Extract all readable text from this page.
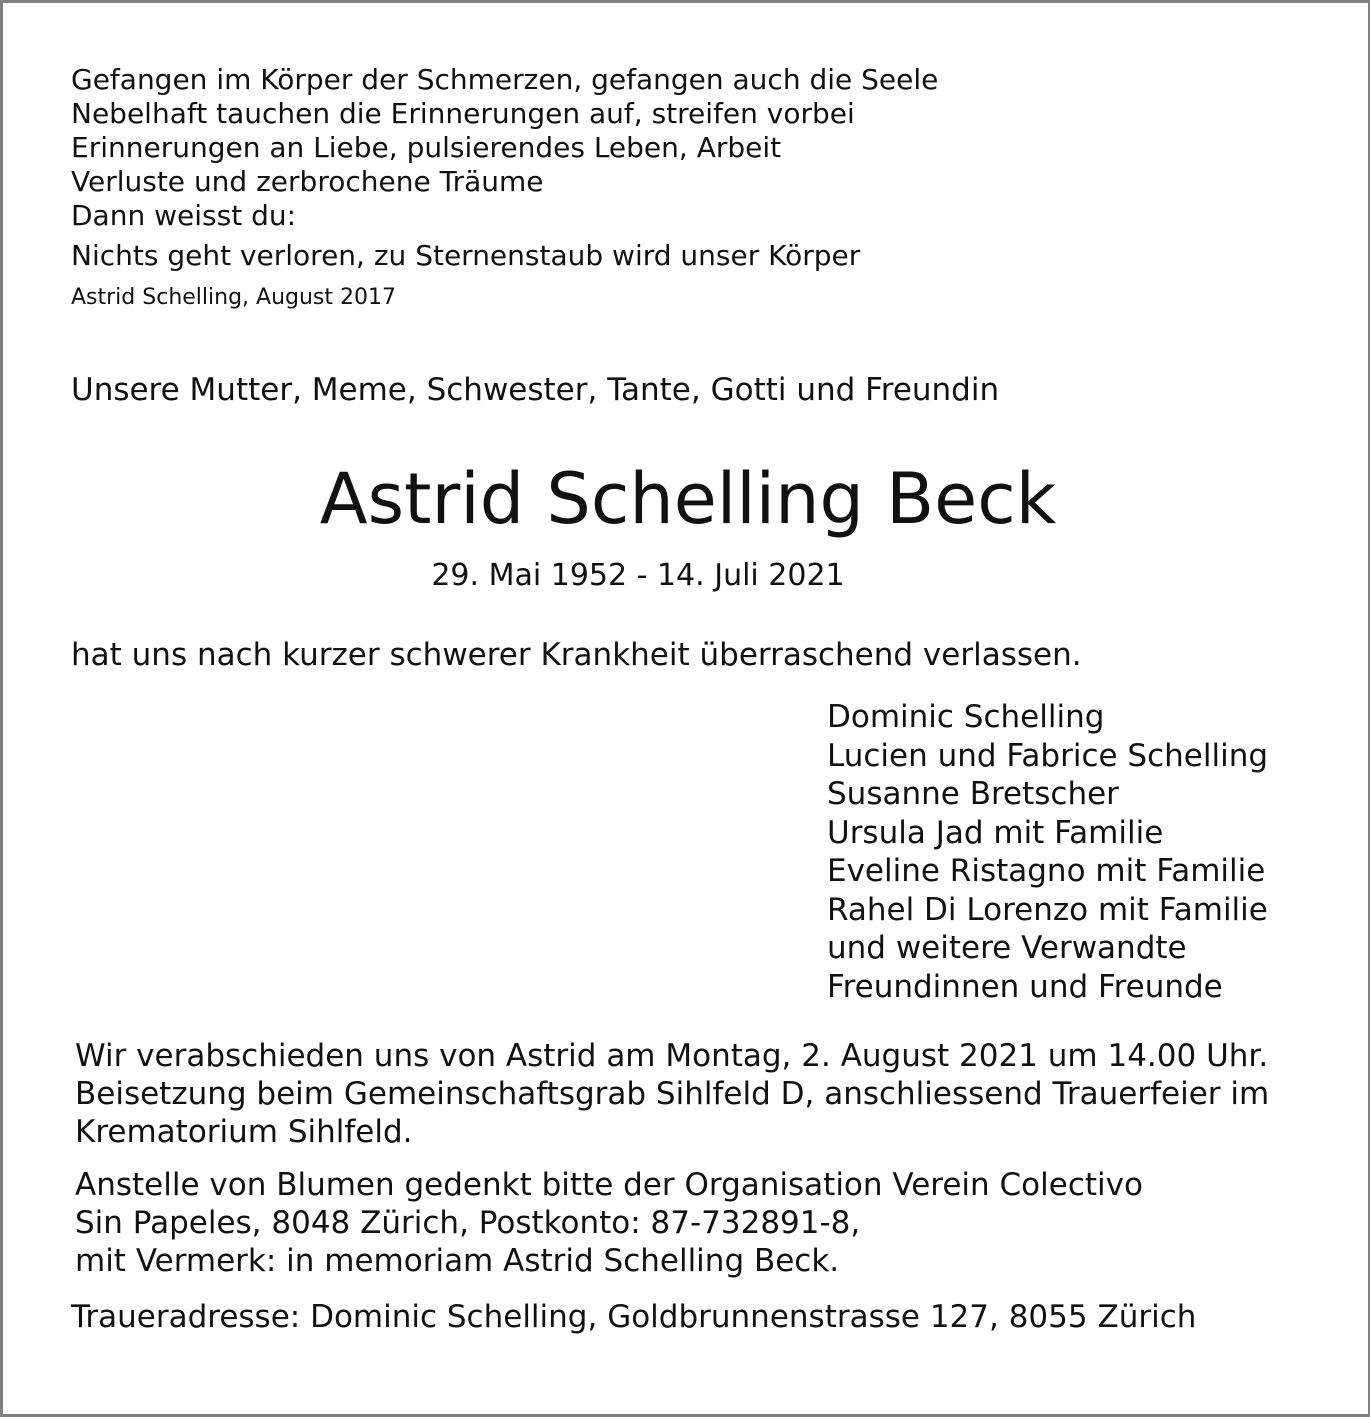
Gefangen im Körper der Schmerzen, gefangen auch die Seele
Nebelhaft tauchen die Erinnerungen auf, streifen vorbei
Erinnerungen an Liebe, pulsierendes Leben, Arbeit
Verluste und zerbrochene Träume
Dann weisst du:

Nichts geht verloren, zu Sternenstaub wird unser Körper

Astrid Schelling, August 2017

Unsere Mutter, Meme, Schwester, Tante, Gotti und Freundin

Astrid Schelling Beck

29. Mai 1952 - 14. Juli 2021

hat uns nach kurzer schwerer Krankheit überraschend verlassen.

Dominic Schelling
Lucien und Fabrice Schelling
Susanne Bretscher
Ursula Jad mit Familie
Eveline Ristagno mit Familie
Rahel Di Lorenzo mit Familie
und weitere Verwandte
Freundinnen und Freunde
Wir verabschieden uns von Astrid am Montag, 2. August 2021 um 14.00 Uhr.
Beisetzung beim Gemeinschaftsgrab Sihlfeld D, anschliessend Trauerfeier im
Krematorium Sihlfeld.
Anstelle von Blumen gedenkt bitte der Organisation Verein Colectivo
Sin Papeles, 8048 Zürich, Postkonto: 87-732891-8,
mit Vermerk: in memoriam Astrid Schelling Beck.

Traueradresse: Dominic Schelling, Goldbrunnenstrasse 127, 8055 Zürich
